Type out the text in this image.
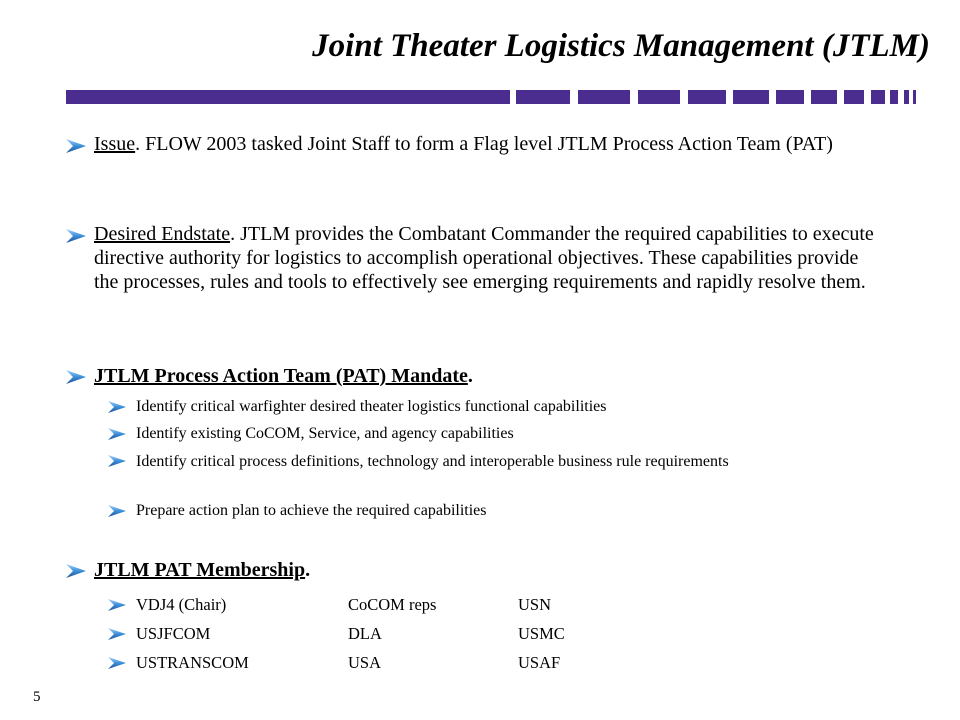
Joint Theater Logistics Management (JTLM)
Issue. FLOW 2003 tasked Joint Staff to form a Flag level JTLM Process Action Team (PAT)
Desired Endstate. JTLM provides the Combatant Commander the required capabilities to execute directive authority for logistics to accomplish operational objectives. These capabilities provide the processes, rules and tools to effectively see emerging requirements and rapidly resolve them.
JTLM Process Action Team (PAT) Mandate.
Identify critical warfighter desired theater logistics functional capabilities
Identify existing CoCOM, Service, and agency capabilities
Identify critical process definitions, technology and interoperable business rule requirements
Prepare action plan to achieve the required capabilities
JTLM PAT Membership.
VDJ4 (Chair)	CoCOM reps	USN
USJFCOM	DLA	USMC
USTRANSCOM	USA	USAF
5
